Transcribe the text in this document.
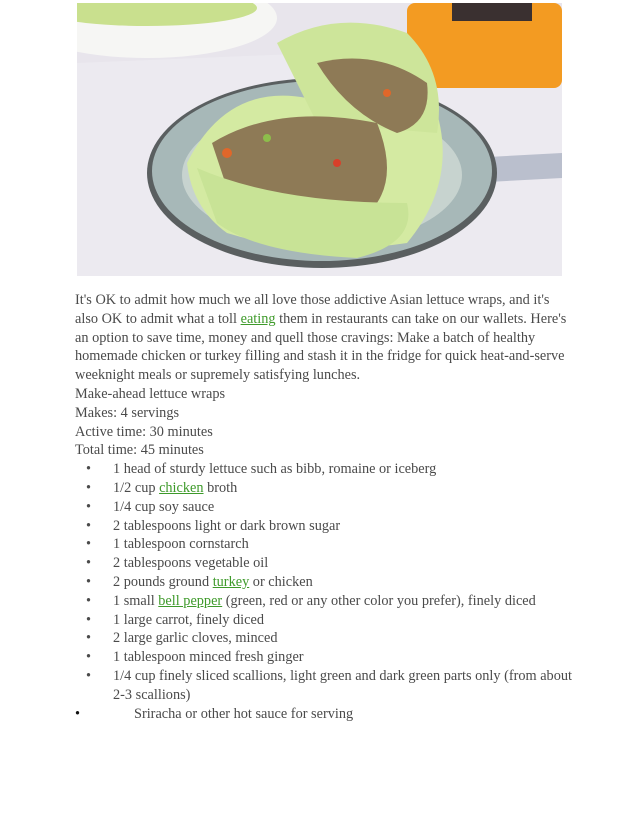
It's OK to admit how much we all love those addictive Asian lettuce wraps, and it's also OK to admit what a toll eating them in restaurants can take on our wallets. Here's an option to save time, money and quell those cravings: Make a batch of healthy homemade chicken or turkey filling and stash it in the fridge for quick heat-and-serve weeknight meals or supremely satisfying lunches.

Make-ahead lettuce wraps

Makes: 4 servings

Active time: 30 minutes

Total time: 45 minutes

• 1 head of sturdy lettuce such as bibb, romaine or iceberg
• 1/2 cup chicken broth
• 1/4 cup soy sauce
• 2 tablespoons light or dark brown sugar
• 1 tablespoon cornstarch
• 2 tablespoons vegetable oil
• 2 pounds ground turkey or chicken
• 1 small bell pepper (green, red or any other color you prefer), finely diced
• 1 large carrot, finely diced
• 2 large garlic cloves, minced
• 1 tablespoon minced fresh ginger
• 1/4 cup finely sliced scallions, light green and dark green parts only (from about 2-3 scallions)
•	Sriracha or other hot sauce for serving
